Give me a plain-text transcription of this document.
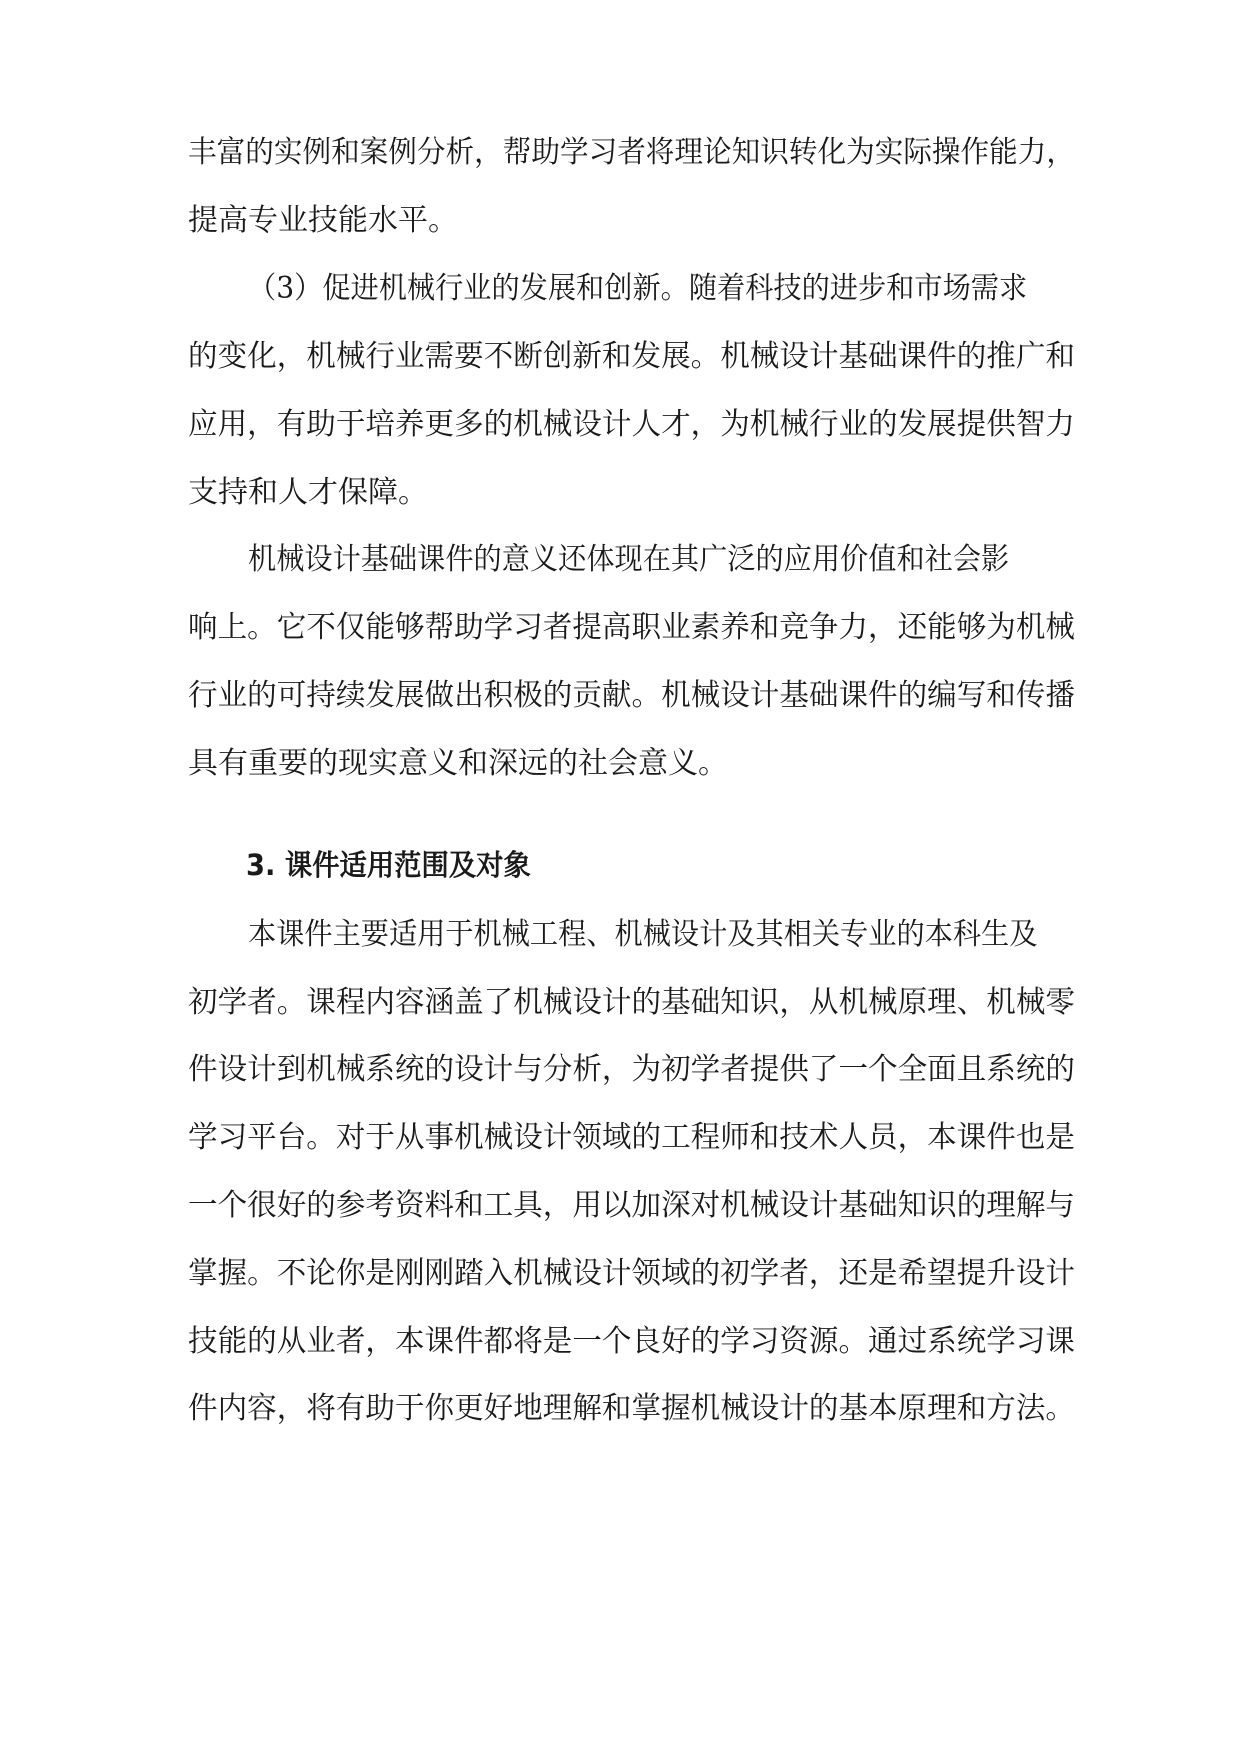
丰富的实例和案例分析，帮助学习者将理论知识转化为实际操作能力，
提高专业技能水平。
（3）促进机械行业的发展和创新。随着科技的进步和市场需求
的变化，机械行业需要不断创新和发展。机械设计基础课件的推广和
应用，有助于培养更多的机械设计人才，为机械行业的发展提供智力
支持和人才保障。
机械设计基础课件的意义还体现在其广泛的应用价值和社会影
响上。它不仅能够帮助学习者提高职业素养和竞争力，还能够为机械
行业的可持续发展做出积极的贡献。机械设计基础课件的编写和传播
具有重要的现实意义和深远的社会意义。
3. 课件适用范围及对象
本课件主要适用于机械工程、机械设计及其相关专业的本科生及
初学者。课程内容涵盖了机械设计的基础知识，从机械原理、机械零
件设计到机械系统的设计与分析，为初学者提供了一个全面且系统的
学习平台。对于从事机械设计领域的工程师和技术人员，本课件也是
一个很好的参考资料和工具，用以加深对机械设计基础知识的理解与
掌握。不论你是刚刚踏入机械设计领域的初学者，还是希望提升设计
技能的从业者，本课件都将是一个良好的学习资源。通过系统学习课
件内容，将有助于你更好地理解和掌握机械设计的基本原理和方法。
